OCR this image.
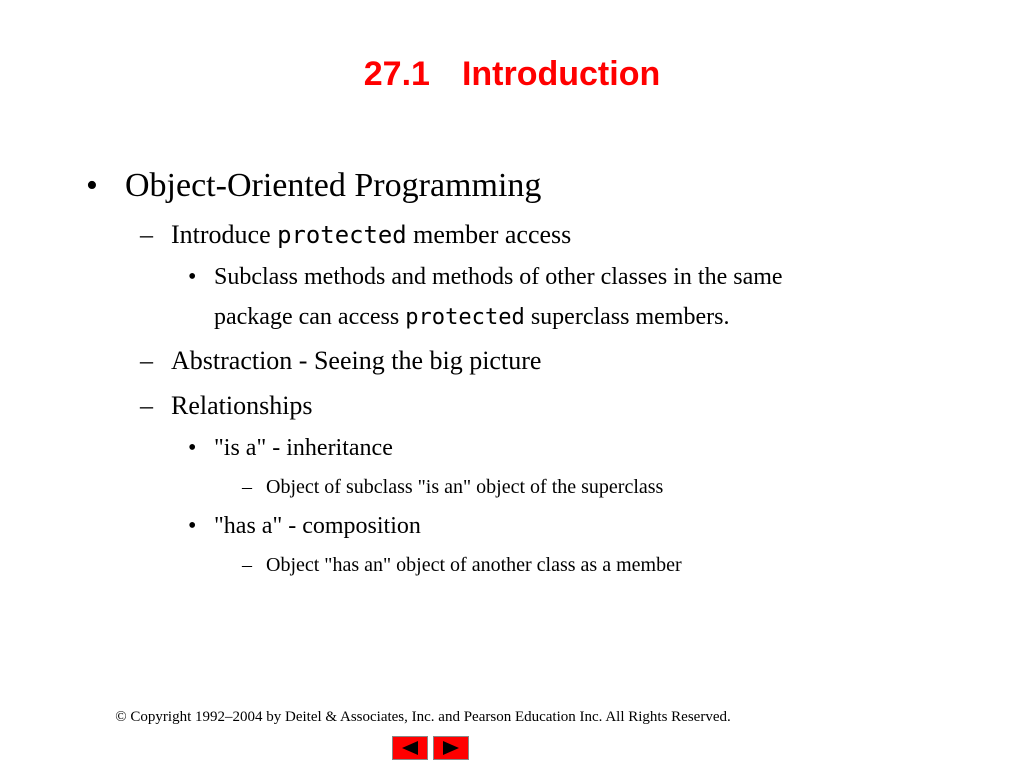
27.1 Introduction
• Object-Oriented Programming
– Introduce protected member access
• Subclass methods and methods of other classes in the same
package can access protected superclass members.
– Abstraction - Seeing the big picture
– Relationships
• "is a" - inheritance
– Object of subclass "is an" object of the superclass
• "has a" - composition
– Object "has an" object of another class as a member
© Copyright 1992–2004 by Deitel & Associates, Inc. and Pearson Education Inc. All Rights Reserved.
